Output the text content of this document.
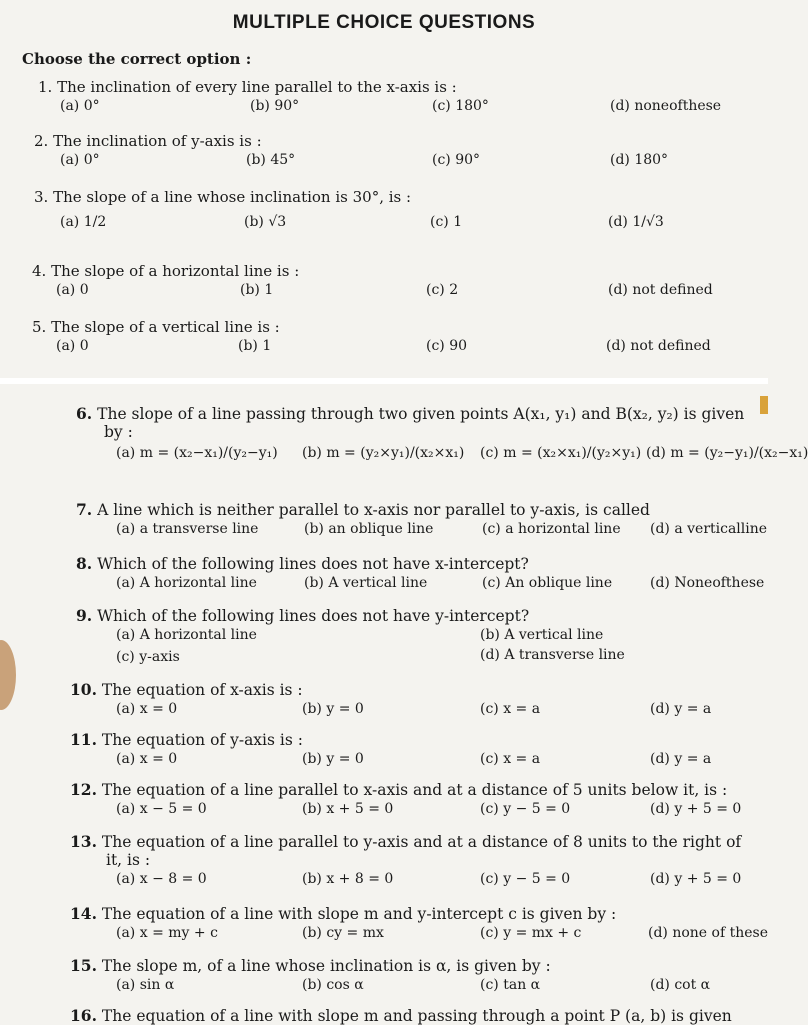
MULTIPLE CHOICE QUESTIONS
Choose the correct option :
1. The inclination of every line parallel to the x-axis is :
(a) 0°	(b) 90°	(c) 180°	(d) noneofthese
2. The inclination of y-axis is :
(a) 0°	(b) 45°	(c) 90°	(d) 180°
3. The slope of a line whose inclination is 30°, is :
(a) 1/2	(b) √3	(c) 1	(d) 1/√3
4. The slope of a horizontal line is :
(a) 0	(b) 1	(c) 2	(d) not defined
5. The slope of a vertical line is :
(a) 0	(b) 1	(c) 90	(d) not defined
6. The slope of a line passing through two given points A(x₁, y₁) and B(x₂, y₂) is given
by :
(a) m = (x₂−x₁)/(y₂−y₁) (b) m = (y₂×y₁)/(x₂×x₁) (c) m = (x₂×x₁)/(y₂×y₁) (d) m = (y₂−y₁)/(x₂−x₁)
7. A line which is neither parallel to x-axis nor parallel to y-axis, is called
(a) a transverse line	(b) an oblique line	(c) a horizontal line (d) a verticalline
8. Which of the following lines does not have x-intercept?
(a) A horizontal line	(b) A vertical line	(c) An oblique line	(d) Noneofthese
9. Which of the following lines does not have y-intercept?
(a) A horizontal line	(b) A vertical line
(c) y-axis	(d) A transverse line
10. The equation of x-axis is :
(a) x = 0	(b) y = 0	(c) x = a	(d) y = a
11. The equation of y-axis is :
(a) x = 0	(b) y = 0	(c) x = a	(d) y = a
12. The equation of a line parallel to x-axis and at a distance of 5 units below it, is :
(a) x − 5 = 0	(b) x + 5 = 0	(c) y − 5 = 0	(d) y + 5 = 0
13. The equation of a line parallel to y-axis and at a distance of 8 units to the right of
it, is :
(a) x − 8 = 0	(b) x + 8 = 0	(c) y − 5 = 0	(d) y + 5 = 0
14. The equation of a line with slope m and y-intercept c is given by :
(a) x = my + c	(b) cy = mx	(c) y = mx + c	(d) none of these
15. The slope m, of a line whose inclination is α, is given by :
(a) sin α	(b) cos α	(c) tan α	(d) cot α
16. The equation of a line with slope m and passing through a point P (a, b) is given
